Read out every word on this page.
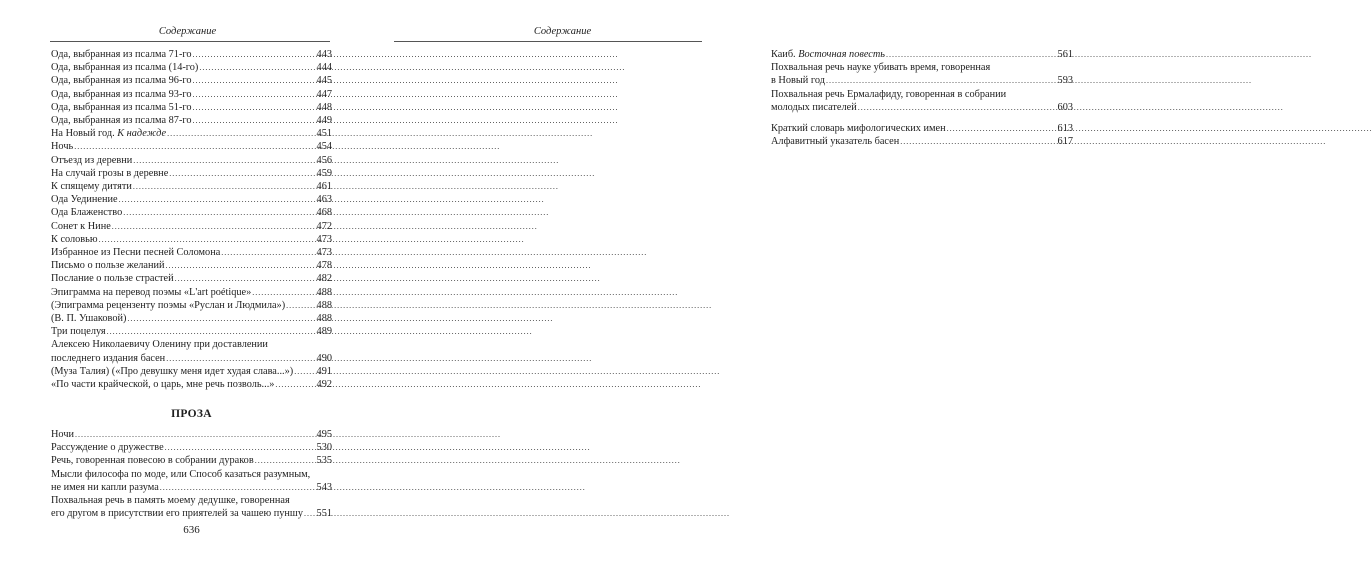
Содержание
Ода, выбранная из псалма 71-го . . .	443
Ода, выбранная из псалма (14-го) . . .	444
Ода, выбранная из псалма 96-го . . .	445
Ода, выбранная из псалма 93-го . . .	447
Ода, выбранная из псалма 51-го . . .	448
Ода, выбранная из псалма 87-го . . .	449
На Новый год. К надежде . . .	451
Ночь . . .	454
Отъезд из деревни . . .	456
На случай грозы в деревне . . .	459
К спящему дитяти . . .	461
Ода Уединение . . .	463
Ода Блаженство . . .	468
Сонет к Нине . . .	472
К соловью . . .	473
Избранное из Песни песней Соломона . . .	473
Письмо о пользе желаний . . .	478
Послание о пользе страстей . . .	482
Эпиграмма на перевод поэмы «L'art poétique» . . .	488
(Эпиграмма рецензенту поэмы «Руслан и Людмила») . . .	488
(В. П. Ушаковой) . . .	488
Три поцелуя . . .	489
Алексею Николаевичу Оленину при доставлении
последнего издания басен . . .	490
(Муза Талия) («Про девушку меня идет худая слава...») . . . 491
«По части крайческой, о царь, мне речь позволь...» . . .	492
ПРОЗА
Ночи . . .	495
Рассуждение о дружестве . . .	530
Речь, говоренная повесою в собрании дураков . . .	535
Мысли философа по моде, или Способ казаться разумным,
не имея ни капли разума . . .	543
Похвальная речь в память моему дедушке, говоренная
его другом в присутствии его приятелей за чашею пуншу . . . 551
636
Содержание
Каиб. Восточная повесть . . .	561
Похвальная речь науке убивать время, говоренная
в Новый год . . .	593
Похвальная речь Ермалафиду, говоренная в собрании
молодых писателей . . .	603
Краткий словарь мифологических имен . . .	613
Алфавитный указатель басен . . .	617
